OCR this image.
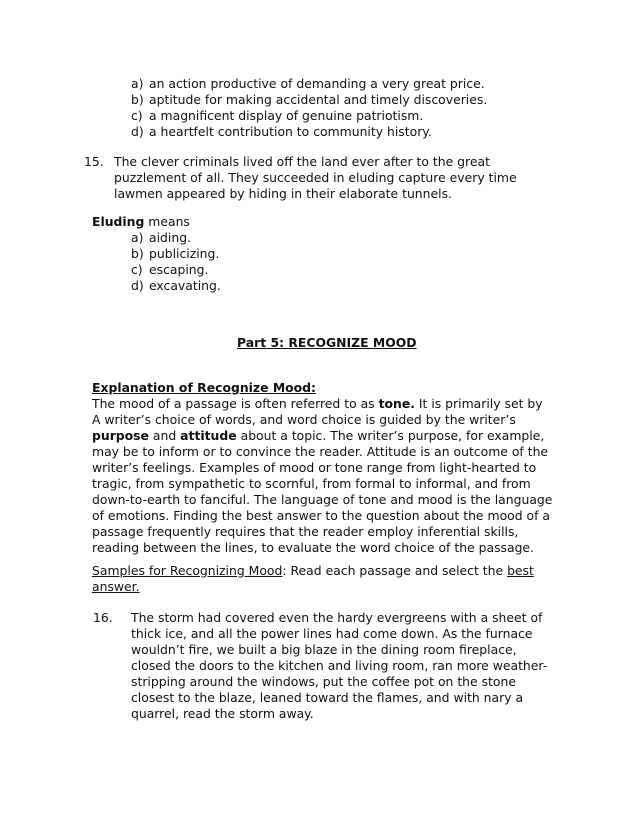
a) an action productive of demanding a very great price.
b) aptitude for making accidental and timely discoveries.
c) a magnificent display of genuine patriotism.
d) a heartfelt contribution to community history.
15. The clever criminals lived off the land ever after to the great
puzzlement of all. They succeeded in eluding capture every time
lawmen appeared by hiding in their elaborate tunnels.
Eluding means
a) aiding.
b) publicizing.
c) escaping.
d) excavating.
Part 5: RECOGNIZE MOOD
Explanation of Recognize Mood:
The mood of a passage is often referred to as tone. It is primarily set by
A writer’s choice of words, and word choice is guided by the writer’s
purpose and attitude about a topic. The writer’s purpose, for example,
may be to inform or to convince the reader. Attitude is an outcome of the
writer’s feelings. Examples of mood or tone range from light-hearted to
tragic, from sympathetic to scornful, from formal to informal, and from
down-to-earth to fanciful. The language of tone and mood is the language
of emotions. Finding the best answer to the question about the mood of a
passage frequently requires that the reader employ inferential skills,
reading between the lines, to evaluate the word choice of the passage.
Samples for Recognizing Mood: Read each passage and select the best
answer.
16. The storm had covered even the hardy evergreens with a sheet of
thick ice, and all the power lines had come down. As the furnace
wouldn’t fire, we built a big blaze in the dining room fireplace,
closed the doors to the kitchen and living room, ran more weather-
stripping around the windows, put the coffee pot on the stone
closest to the blaze, leaned toward the flames, and with nary a
quarrel, read the storm away.
